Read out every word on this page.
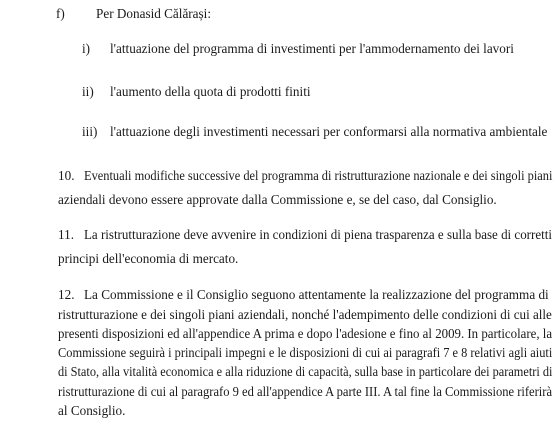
f) Per Donasid Călărași:
i) l'attuazione del programma di investimenti per l'ammodernamento dei lavori
ii) l'aumento della quota di prodotti finiti
iii) l'attuazione degli investimenti necessari per conformarsi alla normativa ambientale
10. Eventuali modifiche successive del programma di ristrutturazione nazionale e dei singoli piani
aziendali devono essere approvate dalla Commissione e, se del caso, dal Consiglio.
11. La ristrutturazione deve avvenire in condizioni di piena trasparenza e sulla base di corretti
principi dell'economia di mercato.
12. La Commissione e il Consiglio seguono attentamente la realizzazione del programma di
ristrutturazione e dei singoli piani aziendali, nonché l'adempimento delle condizioni di cui alle
presenti disposizioni ed all'appendice A prima e dopo l'adesione e fino al 2009. In particolare, la
Commissione seguirà i principali impegni e le disposizioni di cui ai paragrafi 7 e 8 relativi agli aiuti
di Stato, alla vitalità economica e alla riduzione di capacità, sulla base in particolare dei parametri di
ristrutturazione di cui al paragrafo 9 ed all'appendice A parte III. A tal fine la Commissione riferirà
al Consiglio.
